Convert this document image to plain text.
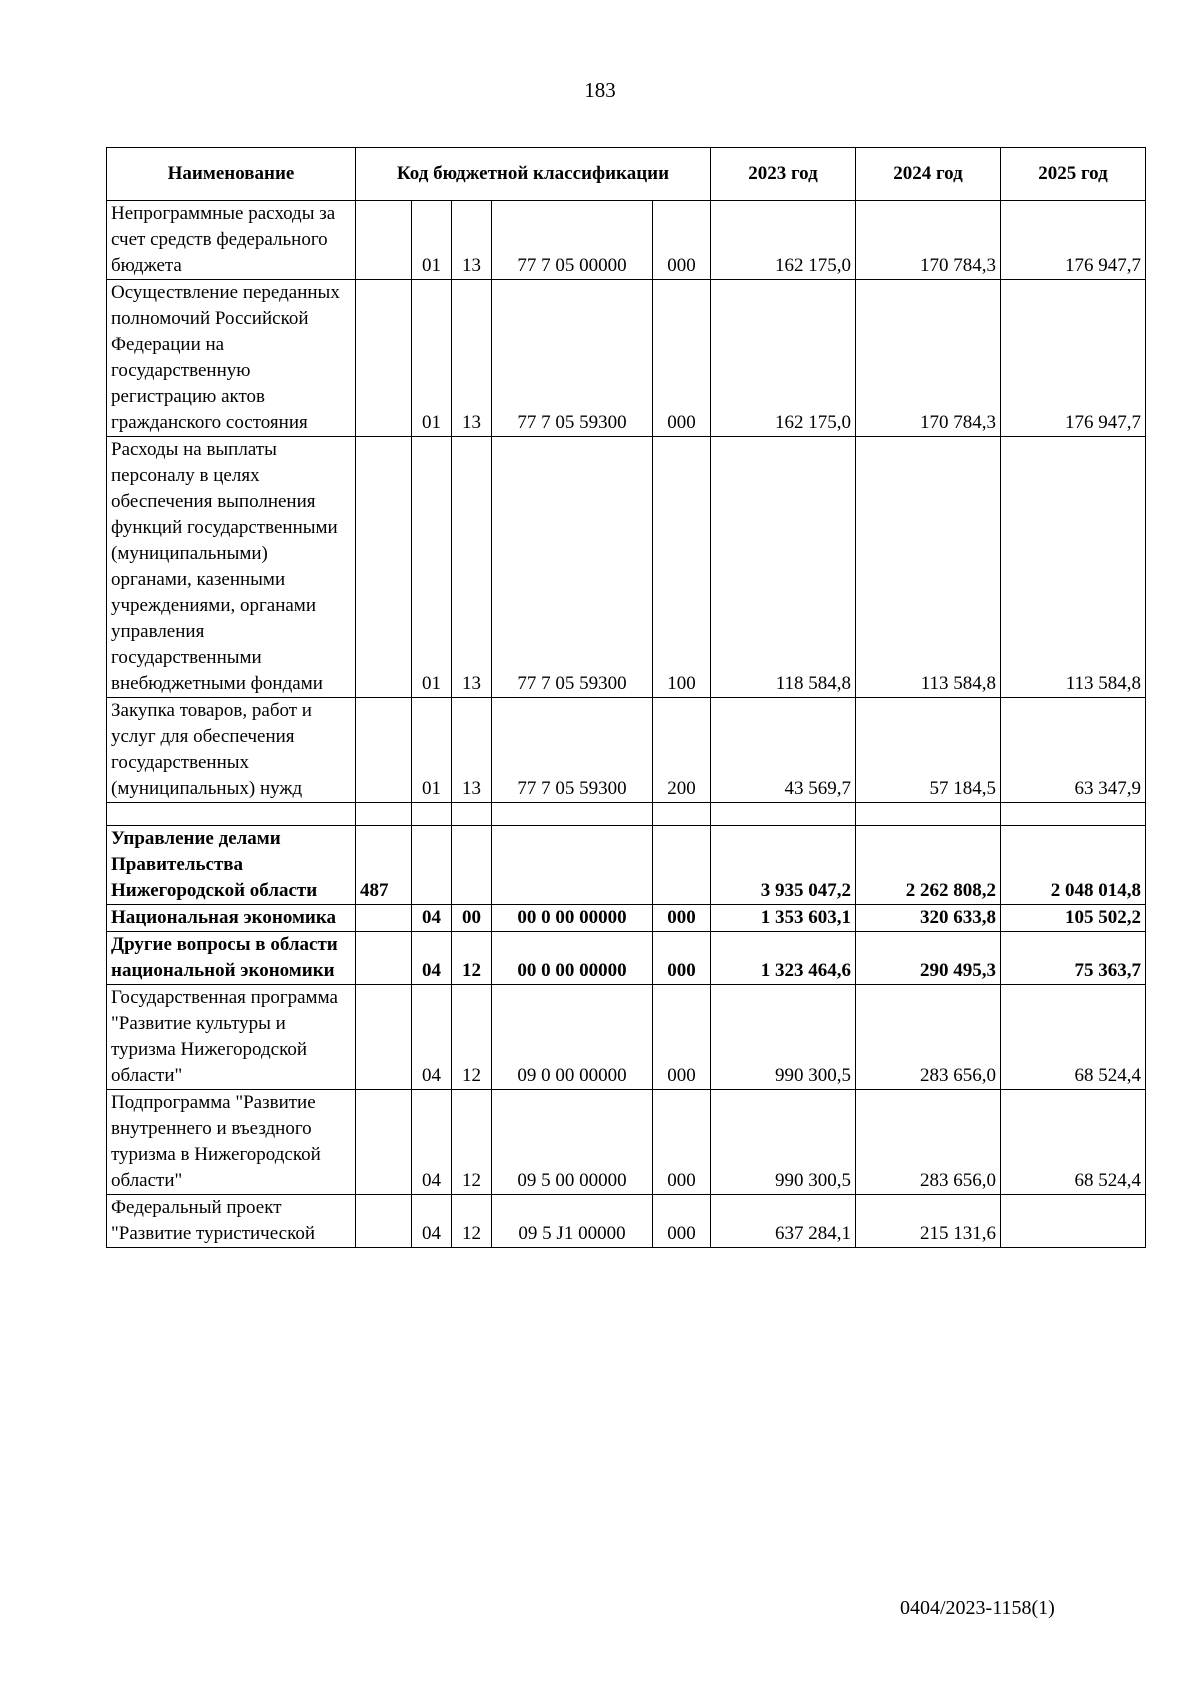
183
Наименование	Код бюджетной классификации					2023 год	2024 год	2025 год
Непрограммные расходы за счет средств федерального бюджета		01	13	77 7 05 00000	000	162 175,0	170 784,3	176 947,7
Осуществление переданных полномочий Российской Федерации на государственную регистрацию актов гражданского состояния		01	13	77 7 05 59300	000	162 175,0	170 784,3	176 947,7
Расходы на выплаты персоналу в целях обеспечения выполнения функций государственными (муниципальными) органами, казенными учреждениями, органами управления государственными внебюджетными фондами		01	13	77 7 05 59300	100	118 584,8	113 584,8	113 584,8
Закупка товаров, работ и услуг для обеспечения государственных (муниципальных) нужд		01	13	77 7 05 59300	200	43 569,7	57 184,5	63 347,9

Управление делами Правительства Нижегородской области	487					3 935 047,2	2 262 808,2	2 048 014,8
Национальная экономика		04	00	00 0 00 00000	000	1 353 603,1	320 633,8	105 502,2
Другие вопросы в области национальной экономики		04	12	00 0 00 00000	000	1 323 464,6	290 495,3	75 363,7
Государственная программа "Развитие культуры и туризма Нижегородской области"		04	12	09 0 00 00000	000	990 300,5	283 656,0	68 524,4
Подпрограмма "Развитие внутреннего и въездного туризма в Нижегородской области"		04	12	09 5 00 00000	000	990 300,5	283 656,0	68 524,4
Федеральный проект "Развитие туристической		04	12	09 5 J1 00000	000	637 284,1	215 131,6	
0404/2023-1158(1)
